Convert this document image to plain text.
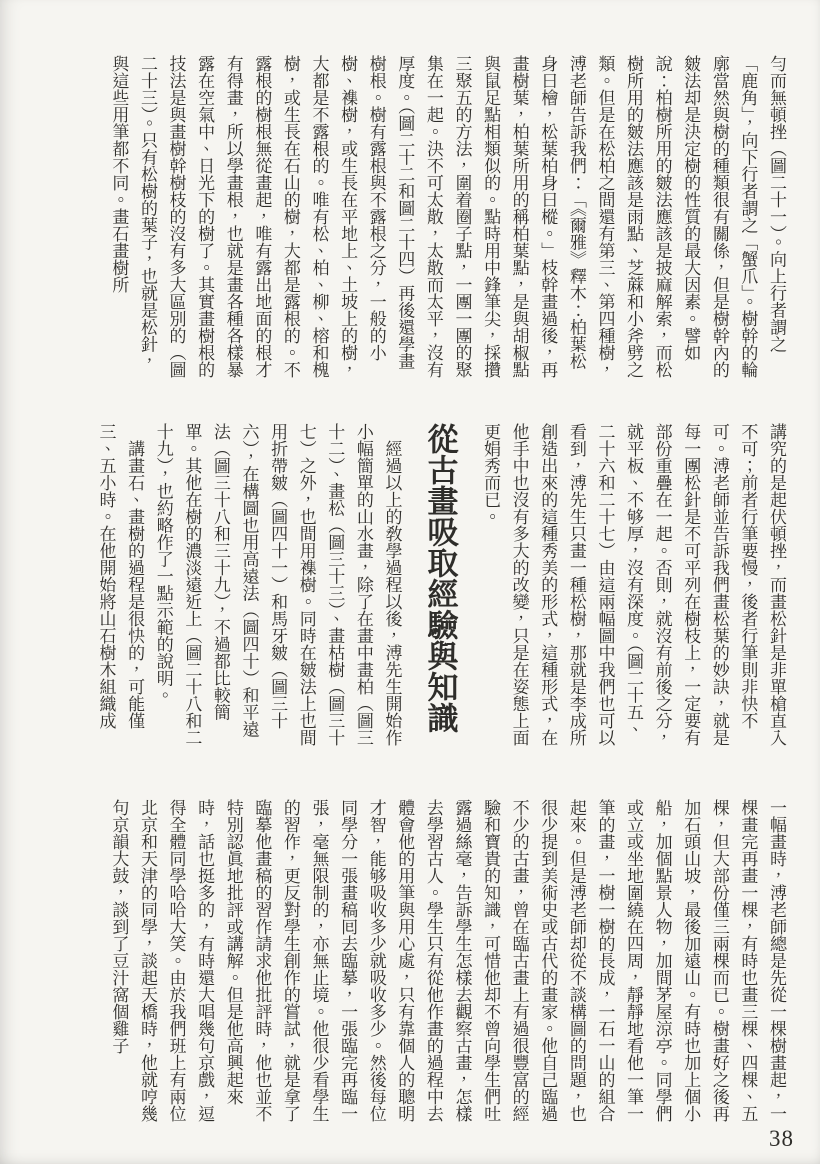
勻而無頓挫（圖二十一）。向上行者謂之「鹿角」，向下行者謂之「蟹爪」。樹幹的輪廓當然與樹的種類很有關係，但是樹幹內的皴法却是決定樹的性質的最大因素。譬如說：柏樹所用的皴法應該是披麻解索，而松樹所用的皴法應該是雨點、芝蔴和小斧劈之類。但是在松柏之間還有第三、第四種樹，溥老師告訴我們：「《爾雅》釋木：柏葉松身曰檜，松葉柏身曰樅。」枝幹畫過後，再畫樹葉，柏葉所用的稱柏葉點，是與胡椒點與鼠足點相類似的。點時用中鋒筆尖，採攢三聚五的方法，圍着圈子點，一團一團的聚集在一起。決不可太散，太散而太平，沒有厚度。（圖二十二和圖二十四）再後還學畫樹根。樹有露根與不露根之分，一般的小樹、襍樹，或生長在平地上、土坡上的樹，大都是不露根的。唯有松、柏、柳、榕和槐樹，或生長在石山的樹，大都是露根的。不露根的樹根無從畫起，唯有露出地面的根才有得畫，所以學畫根，也就是畫各種各樣暴露在空氣中、日光下的樹了。其實畫樹根的技法是與畫樹幹樹枝的沒有多大區別的（圖二十三）。只有松樹的葉子，也就是松針，與這些用筆都不同。畫石畫樹所

講究的是起伏頓挫，而畫松針是非單槍直入不可；前者行筆要慢，後者行筆則非快不可。溥老師並告訴我們畫松葉的妙訣，就是每一團松針是不可平列在樹枝上，一定要有部份重疊在一起。否則，就沒有前後之分，就平板、不够厚，沒有深度。（圖二十五、二十六和二十七）由這兩幅圖中我們也可以看到，溥先生只畫一種松樹，那就是李成所創造出來的這種秀美的形式，這種形式，在他手中也沒有多大的改變，只是在姿態上面更娟秀而已。

從古畫吸取經驗與知識

經過以上的敎學過程以後，溥先生開始作小幅簡單的山水畫，除了在畫中畫柏（圖三十二）、畫松（圖三十三）、畫枯樹（圖三十七）之外，也間用襍樹。同時在皴法上也間用折帶皴（圖四十一）和馬牙皴（圖三十六），在構圖也用高遠法（圖四十）和平遠法（圖三十八和三十九），不過都比較簡單。其他在樹的濃淡遠近上（圖二十八和二十九），也約略作了一點示範的說明。

講畫石、畫樹的過程是很快的，可能僅三、五小時。在他開始將山石樹木組織成

一幅畫時，溥老師總是先從一棵樹畫起，一棵畫完再畫一棵，有時也畫三棵、四棵、五棵，但大部份僅三兩棵而已。樹畫好之後再加石頭山坡，最後加遠山。有時也加上個小船，加個點景人物，加間茅屋涼亭。同學們或立或坐地圍繞在四周，靜靜地看他一筆一筆的畫，一樹一樹的長成，一石一山的組合起來。但是溥老師却從不談構圖的問題，也很少提到美術史或古代的畫家。他自己臨過不少的古畫，曾在臨古畫上有過很豐富的經驗和寶貴的知識，可惜他却不曾向學生們吐露過絲毫，告訴學生怎樣去觀察古畫，怎樣去學習古人。學生只有從他作畫的過程中去體會他的用筆與用心處，只有靠個人的聰明才智，能够吸收多少就吸收多少。然後每位同學分一張畫稿囘去臨摹，一張臨完再臨一張，毫無限制的，亦無止境。他很少看學生的習作，更反對學生創作的嘗試，就是拿了臨摹他畫稿的習作請求他批評時，他也並不特別認眞地批評或講解。但是他高興起來時，話也挺多的，有時還大唱幾句京戲，逗得全體同學哈哈大笑。由於我們班上有兩位北京和天津的同學，談起天橋時，他就哼幾句京韻大鼓，談到了豆汁窩個雞子

38
